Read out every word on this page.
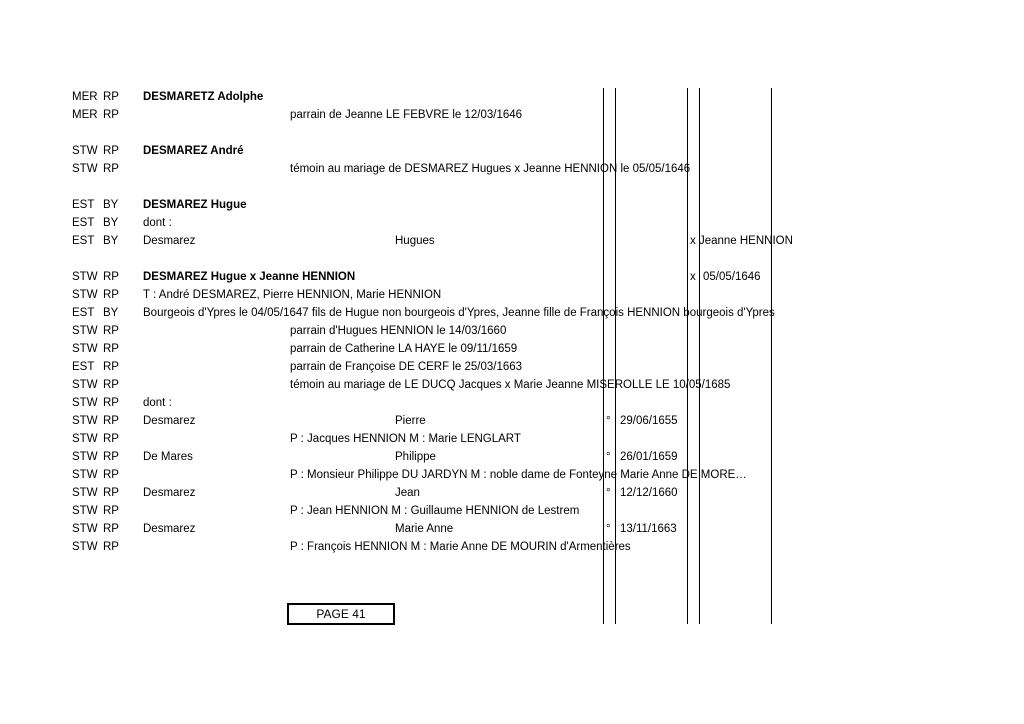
MER RP DESMARETZ Adolphe
MER RP	parrain de Jeanne LE FEBVRE le 12/03/1646
STW RP DESMAREZ André
STW RP	témoin au mariage de DESMAREZ Hugues x Jeanne HENNION le 05/05/1646
EST BY DESMAREZ Hugue
EST BY dont :
EST BY Desmarez	Hugues	x Jeanne HENNION
STW RP DESMAREZ Hugue x Jeanne HENNION	x 05/05/1646
STW RP T : André DESMAREZ, Pierre HENNION, Marie HENNION
EST BY Bourgeois d'Ypres le 04/05/1647 fils de Hugue non bourgeois d'Ypres, Jeanne fille de François HENNION bourgeois d'Ypres
STW RP	parrain d'Hugues HENNION le 14/03/1660
STW RP	parrain de Catherine LA HAYE le 09/11/1659
EST RP	parrain de Françoise DE CERF le 25/03/1663
STW RP	témoin au mariage de LE DUCQ Jacques x Marie Jeanne MISEROLLE LE 10/05/1685
STW RP dont :
STW RP Desmarez	Pierre	° 29/06/1655
STW RP	P : Jacques HENNION M : Marie LENGLART
STW RP De Mares	Philippe	° 26/01/1659
STW RP	P : Monsieur Philippe DU JARDYN M : noble dame de Fonteyne Marie Anne DE MORE…
STW RP Desmarez	Jean	° 12/12/1660
STW RP	P : Jean HENNION M : Guillaume HENNION de Lestrem
STW RP Desmarez	Marie Anne	° 13/11/1663
STW RP	P : François HENNION M : Marie Anne DE MOURIN d'Armentières
PAGE 41
